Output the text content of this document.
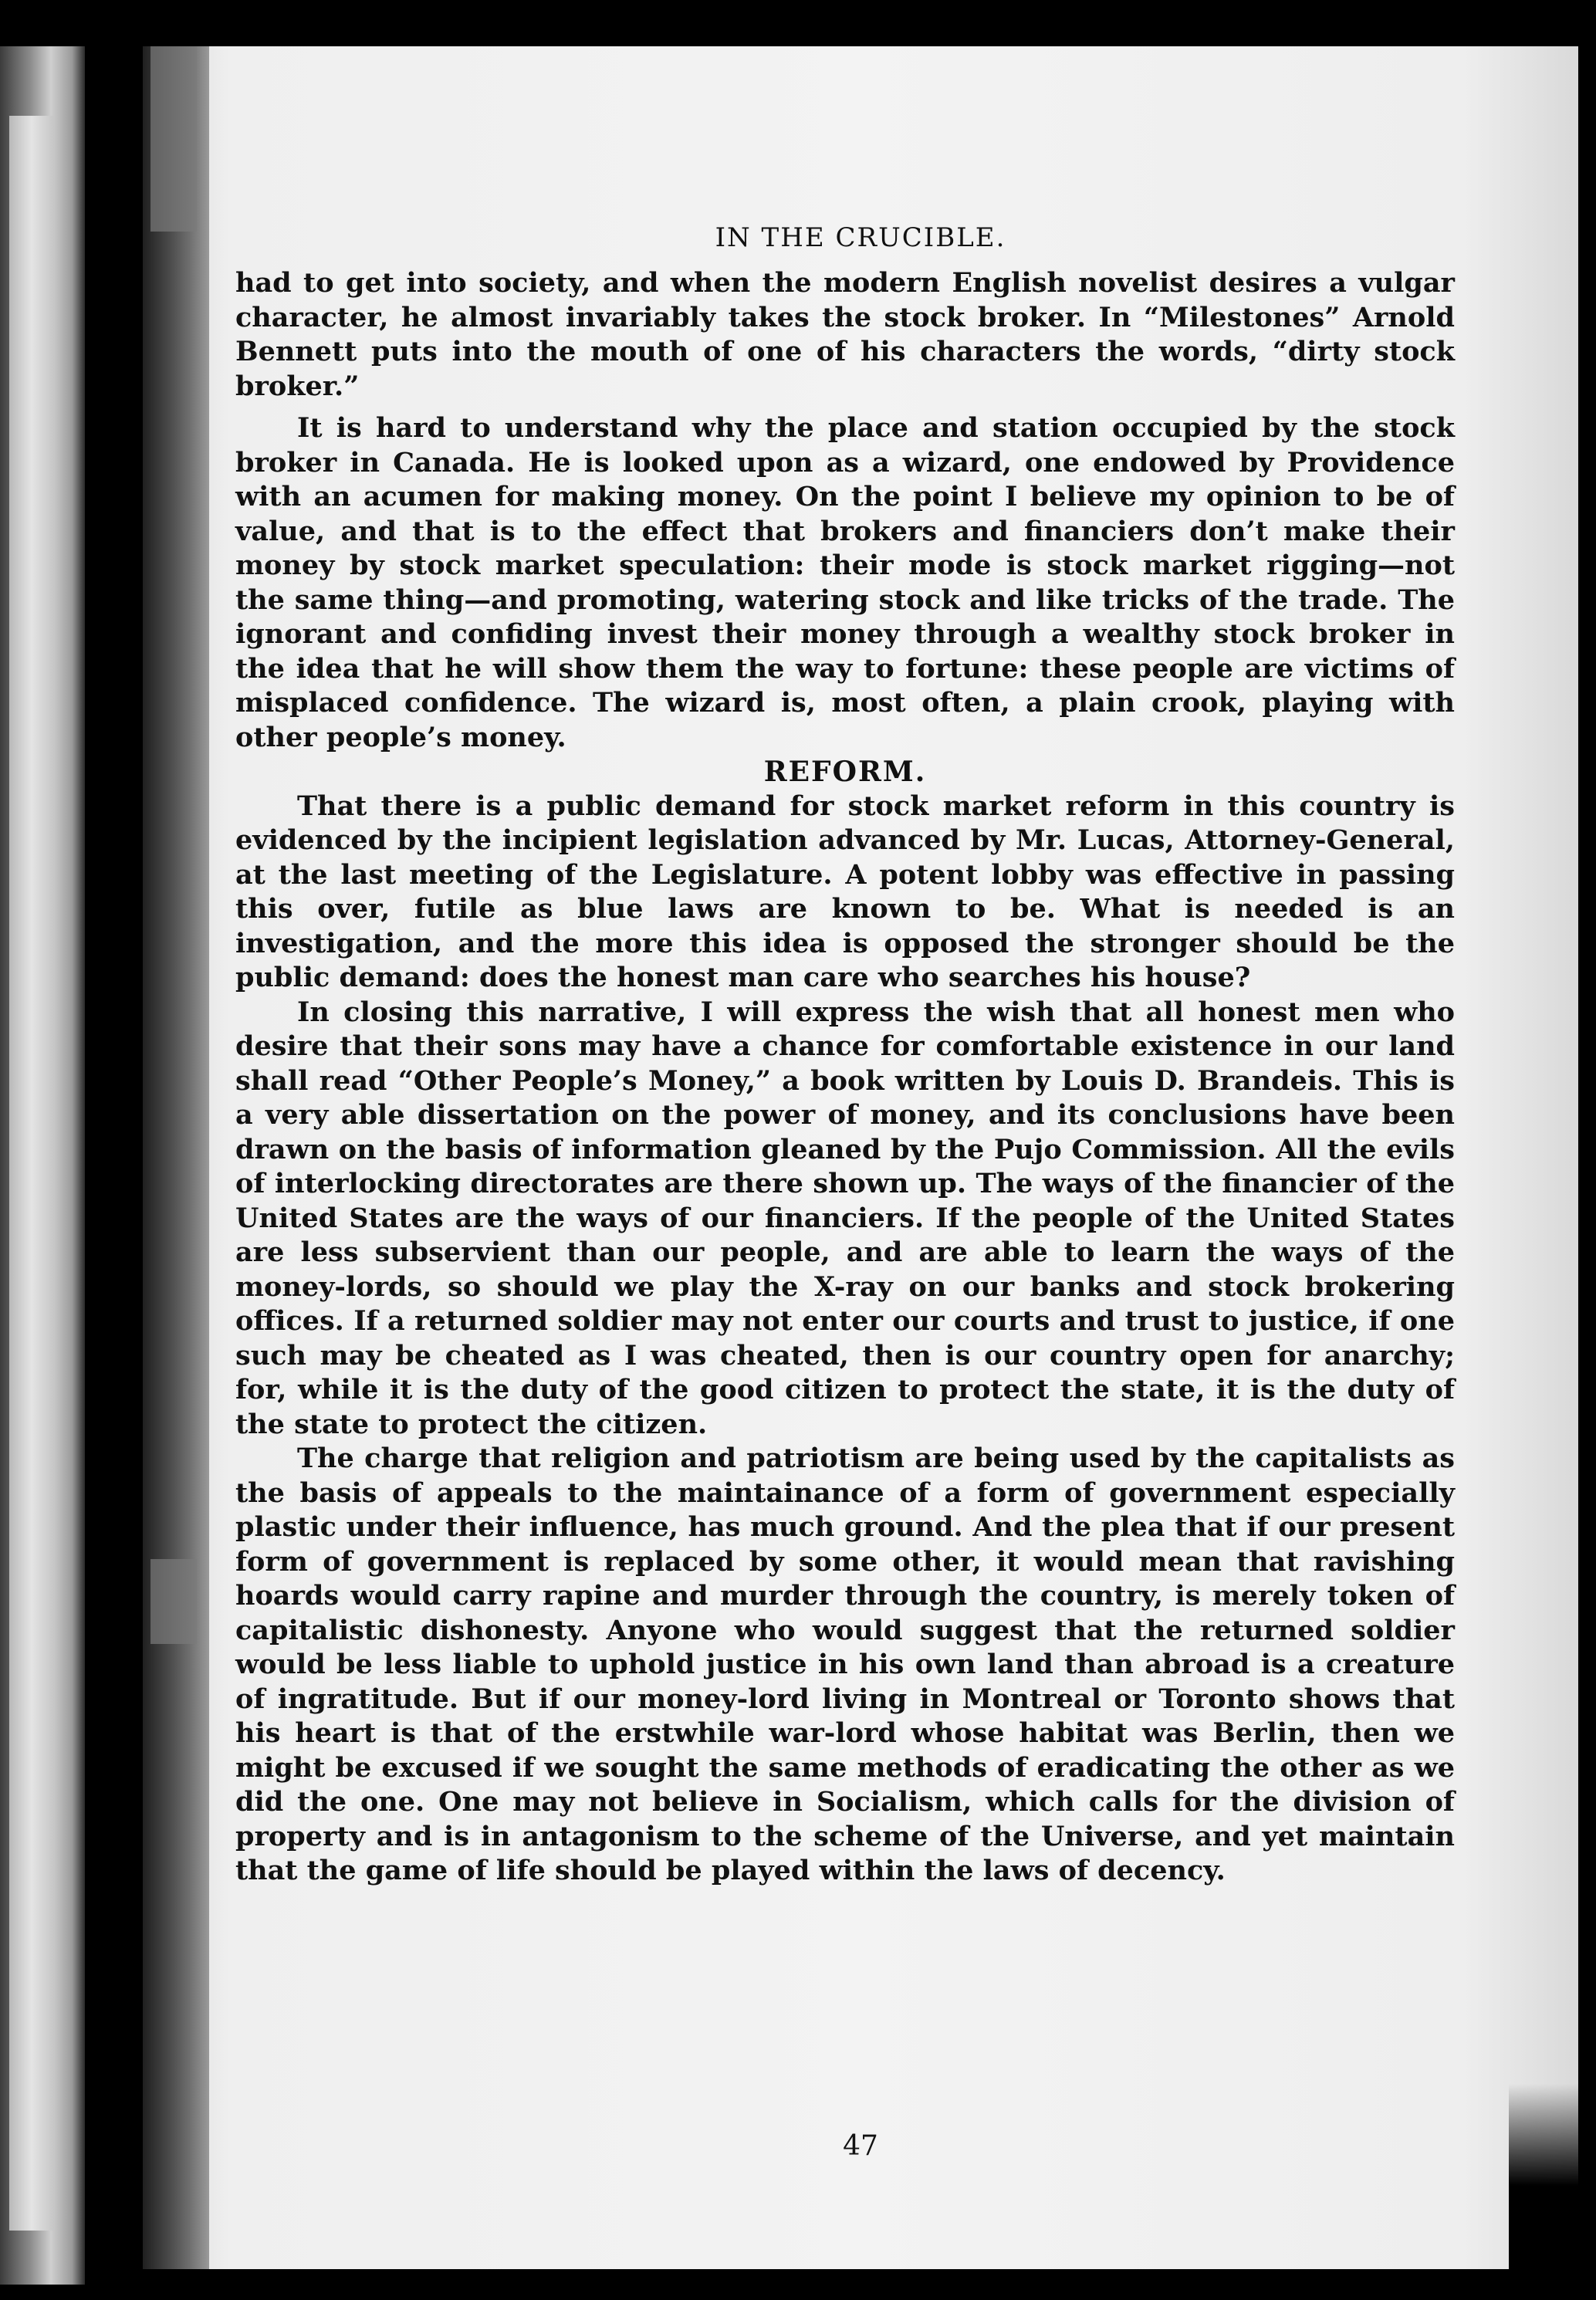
IN THE CRUCIBLE.

had to get into society, and when the modern English novelist desires a vulgar character, he almost invariably takes the stock broker. In “Milestones” Arnold Bennett puts into the mouth of one of his characters the words, “dirty stock broker.”

It is hard to understand why the place and station occupied by the stock broker in Canada. He is looked upon as a wizard, one endowed by Providence with an acumen for making money. On the point I believe my opinion to be of value, and that is to the effect that brokers and financiers don’t make their money by stock market speculation: their mode is stock market rigging—not the same thing—and promoting, watering stock and like tricks of the trade. The ignorant and confiding invest their money through a wealthy stock broker in the idea that he will show them the way to fortune: these people are victims of misplaced confidence. The wizard is, most often, a plain crook, playing with other people’s money.

REFORM.

That there is a public demand for stock market reform in this country is evidenced by the incipient legislation advanced by Mr. Lucas, Attorney-General, at the last meeting of the Legislature. A potent lobby was effective in passing this over, futile as blue laws are known to be. What is needed is an investigation, and the more this idea is opposed the stronger should be the public demand: does the honest man care who searches his house?

In closing this narrative, I will express the wish that all honest men who desire that their sons may have a chance for comfortable existence in our land shall read “Other People’s Money,” a book written by Louis D. Brandeis. This is a very able dissertation on the power of money, and its conclusions have been drawn on the basis of information gleaned by the Pujo Commission. All the evils of interlocking directorates are there shown up. The ways of the financier of the United States are the ways of our financiers. If the people of the United States are less subservient than our people, and are able to learn the ways of the money-lords, so should we play the X-ray on our banks and stock brokering offices. If a returned soldier may not enter our courts and trust to justice, if one such may be cheated as I was cheated, then is our country open for anarchy; for, while it is the duty of the good citizen to protect the state, it is the duty of the state to protect the citizen.

The charge that religion and patriotism are being used by the capitalists as the basis of appeals to the maintainance of a form of government especially plastic under their influence, has much ground. And the plea that if our present form of government is replaced by some other, it would mean that ravishing hoards would carry rapine and murder through the country, is merely token of capitalistic dishonesty. Anyone who would suggest that the returned soldier would be less liable to uphold justice in his own land than abroad is a creature of ingratitude. But if our money-lord living in Montreal or Toronto shows that his heart is that of the erstwhile war-lord whose habitat was Berlin, then we might be excused if we sought the same methods of eradicating the other as we did the one. One may not believe in Socialism, which calls for the division of property and is in antagonism to the scheme of the Universe, and yet maintain that the game of life should be played within the laws of decency.

47
